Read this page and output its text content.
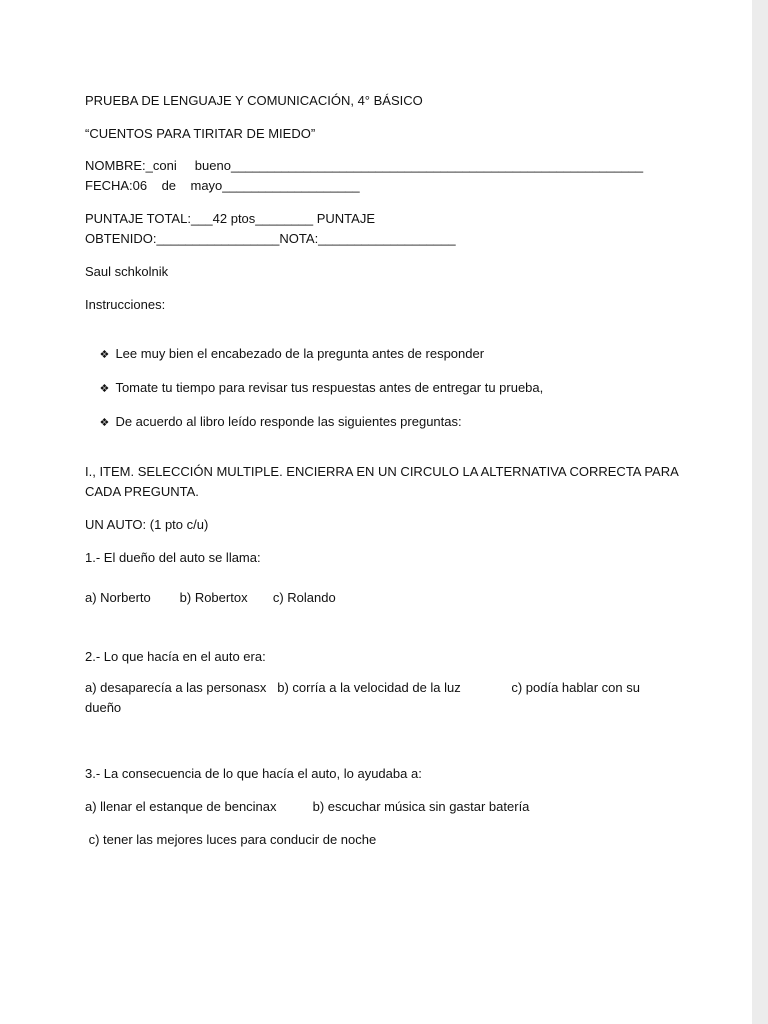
PRUEBA DE LENGUAJE Y COMUNICACIÓN, 4° BÁSICO
“CUENTOS PARA TIRITAR DE MIEDO”
NOMBRE:_coni     bueno_________________________________________________________
FECHA:06    de    mayo___________________
PUNTAJE TOTAL:___42 ptos________ PUNTAJE
OBTENIDO:_________________NOTA:___________________
Saul schkolnik
Instrucciones:

❖ Lee muy bien el encabezado de la pregunta antes de responder

❖ Tomate tu tiempo para revisar tus respuestas antes de entregar tu prueba,

❖ De acuerdo al libro leído responde las siguientes preguntas:

I., ITEM. SELECCIÓN MULTIPLE. ENCIERRA EN UN CIRCULO LA ALTERNATIVA CORRECTA PARA
CADA PREGUNTA.
UN AUTO: (1 pto c/u)
1.- El dueño del auto se llama:
a) Norberto        b) Robertox       c) Rolando
2.- Lo que hacía en el auto era:
a) desaparecía a las personasx   b) corría a la velocidad de la luz              c) podía hablar con su
dueño
3.- La consecuencia de lo que hacía el auto, lo ayudaba a:
a) llenar el estanque de bencinax          b) escuchar música sin gastar batería
c) tener las mejores luces para conducir de noche
